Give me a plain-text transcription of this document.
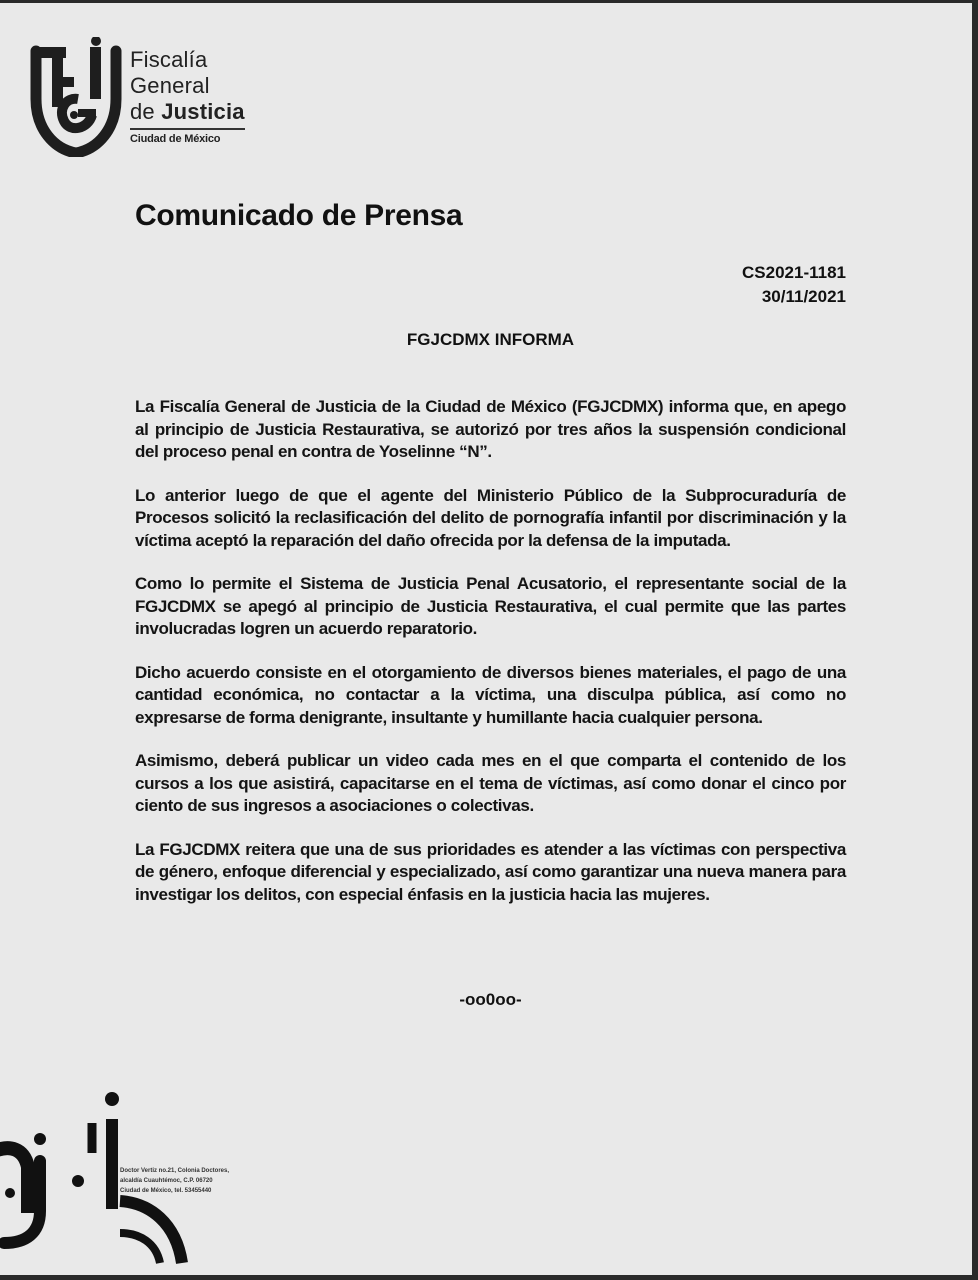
Fiscalía
General
de Justicia
Ciudad de México
Comunicado de Prensa
CS2021-1181
30/11/2021
FGJCDMX INFORMA

La Fiscalía General de Justicia de la Ciudad de México (FGJCDMX) informa que, en apego al principio de Justicia Restaurativa, se autorizó por tres años la suspensión condicional del proceso penal en contra de Yoselinne “N”.

Lo anterior luego de que el agente del Ministerio Público de la Subprocuraduría de Procesos solicitó la reclasificación del delito de pornografía infantil por discriminación y la víctima aceptó la reparación del daño ofrecida por la defensa de la imputada.

Como lo permite el Sistema de Justicia Penal Acusatorio, el representante social de la FGJCDMX se apegó al principio de Justicia Restaurativa, el cual permite que las partes involucradas logren un acuerdo reparatorio.

Dicho acuerdo consiste en el otorgamiento de diversos bienes materiales, el pago de una cantidad económica, no contactar a la víctima, una disculpa pública, así como no expresarse de forma denigrante, insultante y humillante hacia cualquier persona.

Asimismo, deberá publicar un video cada mes en el que comparta el contenido de los cursos a los que asistirá, capacitarse en el tema de víctimas, así como donar el cinco por ciento de sus ingresos a asociaciones o colectivas.

La FGJCDMX reitera que una de sus prioridades es atender a las víctimas con perspectiva de género, enfoque diferencial y especializado, así como garantizar una nueva manera para investigar los delitos, con especial énfasis en la justicia hacia las mujeres.

-oo0oo-
Doctor Vertiz no.21, Colonia Doctores,
alcaldía Cuauhtémoc, C.P. 06720
Ciudad de México, tel. 53455440
